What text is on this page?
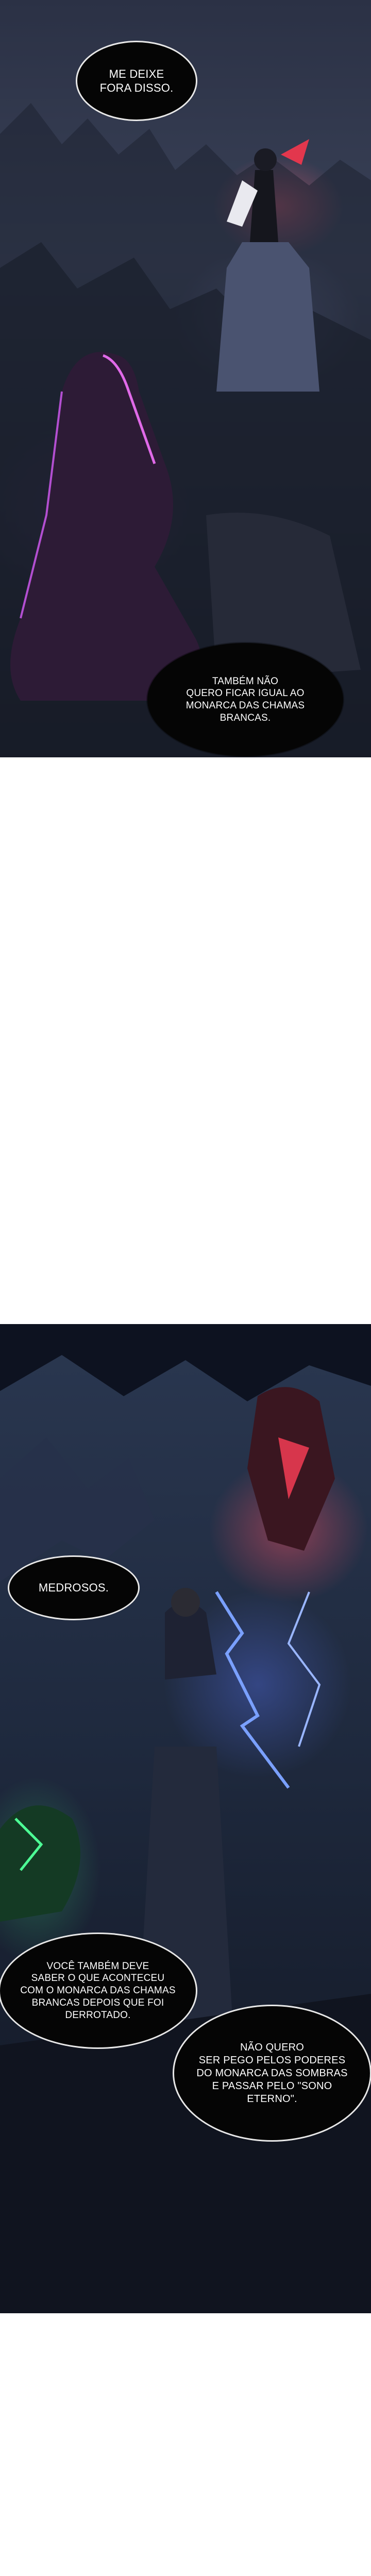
ME DEIXE
FORA DISSO.
TAMBÉM NÃO
QUERO FICAR IGUAL AO
MONARCA DAS CHAMAS
BRANCAS.
MEDROSOS.
VOCÊ TAMBÉM DEVE
SABER O QUE ACONTECEU
COM O MONARCA DAS CHAMAS
BRANCAS DEPOIS QUE FOI
DERROTADO.
NÃO QUERO
SER PEGO PELOS PODERES
DO MONARCA DAS SOMBRAS
E PASSAR PELO "SONO
ETERNO".
